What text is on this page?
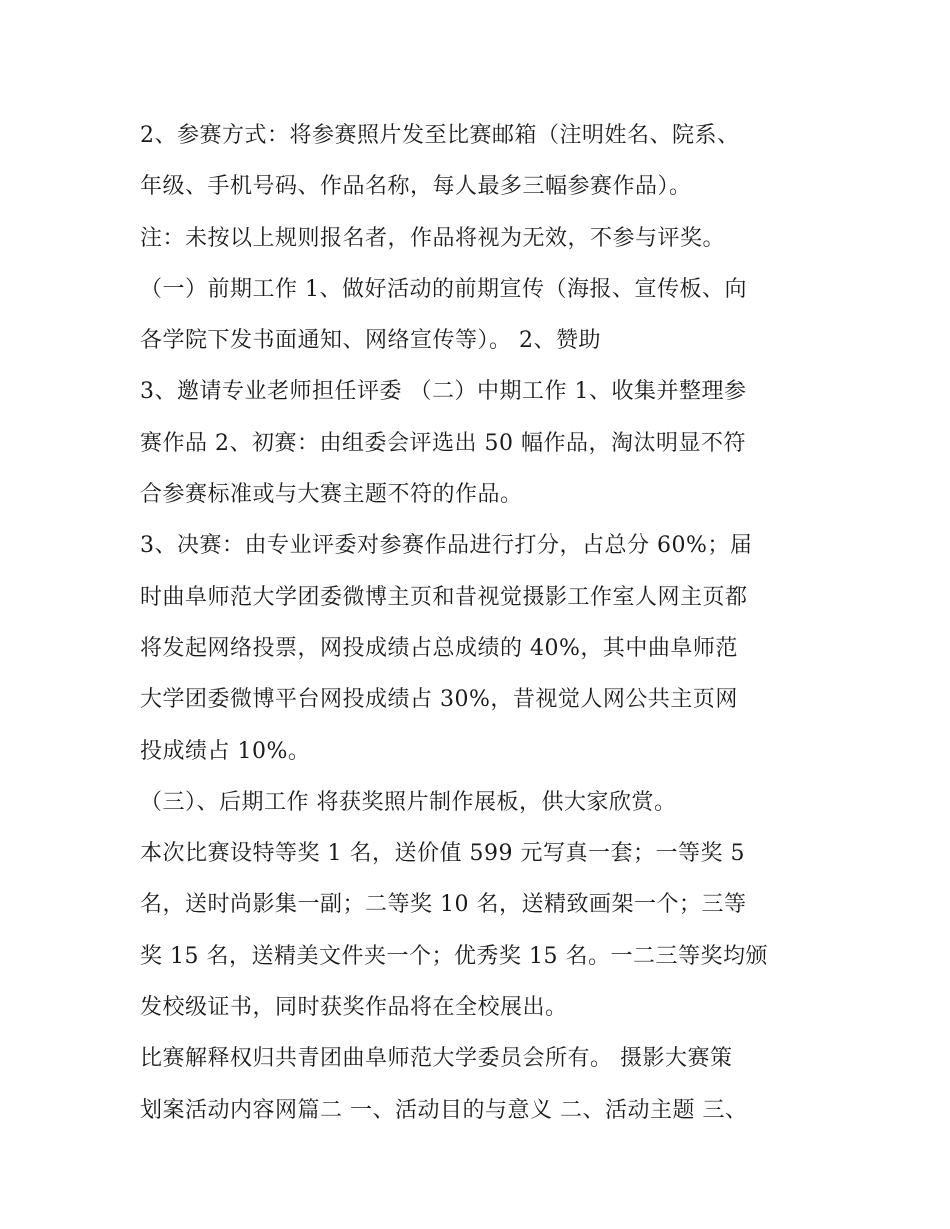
2、参赛方式：将参赛照片发至比赛邮箱（注明姓名、院系、
年级、手机号码、作品名称，每人最多三幅参赛作品）。
注：未按以上规则报名者，作品将视为无效，不参与评奖。
（一）前期工作 1、做好活动的前期宣传（海报、宣传板、向
各学院下发书面通知、网络宣传等）。 2、赞助
3、邀请专业老师担任评委 （二）中期工作 1、收集并整理参
赛作品 2、初赛：由组委会评选出 50 幅作品，淘汰明显不符
合参赛标准或与大赛主题不符的作品。
3、决赛：由专业评委对参赛作品进行打分，占总分 60%；届
时曲阜师范大学团委微博主页和昔视觉摄影工作室人网主页都
将发起网络投票，网投成绩占总成绩的 40%，其中曲阜师范
大学团委微博平台网投成绩占 30%，昔视觉人网公共主页网
投成绩占 10%。
（三）、后期工作 将获奖照片制作展板，供大家欣赏。
本次比赛设特等奖 1 名，送价值 599 元写真一套；一等奖 5
名，送时尚影集一副；二等奖 10 名，送精致画架一个；三等
奖 15 名，送精美文件夹一个；优秀奖 15 名。一二三等奖均颁
发校级证书，同时获奖作品将在全校展出。
比赛解释权归共青团曲阜师范大学委员会所有。 摄影大赛策
划案活动内容网篇二 一、活动目的与意义 二、活动主题 三、
